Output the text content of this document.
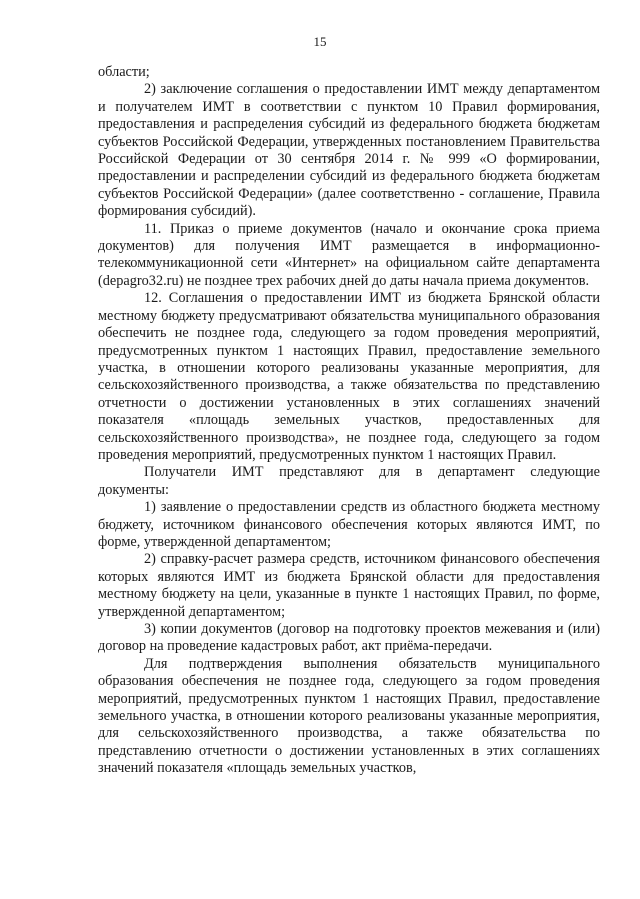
15

области;

2) заключение соглашения о предоставлении ИМТ между департаментом и получателем ИМТ в соответствии с пунктом 10 Правил формирования, предоставления и распределения субсидий из федерального бюджета бюджетам субъектов Российской Федерации, утвержденных постановлением Правительства Российской Федерации от 30 сентября 2014 г. № 999 «О формировании, предоставлении и распределении субсидий из федерального бюджета бюджетам субъектов Российской Федерации» (далее соответственно - соглашение, Правила формирования субсидий).

11. Приказ о приеме документов (начало и окончание срока приема документов) для получения ИМТ размещается в информационно-телекоммуникационной сети «Интернет» на официальном сайте департамента (depagro32.ru) не позднее трех рабочих дней до даты начала приема документов.

12. Соглашения о предоставлении ИМТ из бюджета Брянской области местному бюджету предусматривают обязательства муниципального образования обеспечить не позднее года, следующего за годом проведения мероприятий, предусмотренных пунктом 1 настоящих Правил, предоставление земельного участка, в отношении которого реализованы указанные мероприятия, для сельскохозяйственного производства, а также обязательства по представлению отчетности о достижении установленных в этих соглашениях значений показателя «площадь земельных участков, предоставленных для сельскохозяйственного производства», не позднее года, следующего за годом проведения мероприятий, предусмотренных пунктом 1 настоящих Правил.

Получатели ИМТ представляют для в департамент следующие документы:

1) заявление о предоставлении средств из областного бюджета местному бюджету, источником финансового обеспечения которых являются ИМТ, по форме, утвержденной департаментом;

2) справку-расчет размера средств, источником финансового обеспечения которых являются ИМТ из бюджета Брянской области для предоставления местному бюджету на цели, указанные в пункте 1 настоящих Правил, по форме, утвержденной департаментом;

3) копии документов (договор на подготовку проектов межевания и (или) договор на проведение кадастровых работ, акт приёма-передачи.

Для подтверждения выполнения обязательств муниципального образования обеспечения не позднее года, следующего за годом проведения мероприятий, предусмотренных пунктом 1 настоящих Правил, предоставление земельного участка, в отношении которого реализованы указанные мероприятия, для сельскохозяйственного производства, а также обязательства по представлению отчетности о достижении установленных в этих соглашениях значений показателя «площадь земельных участков,
